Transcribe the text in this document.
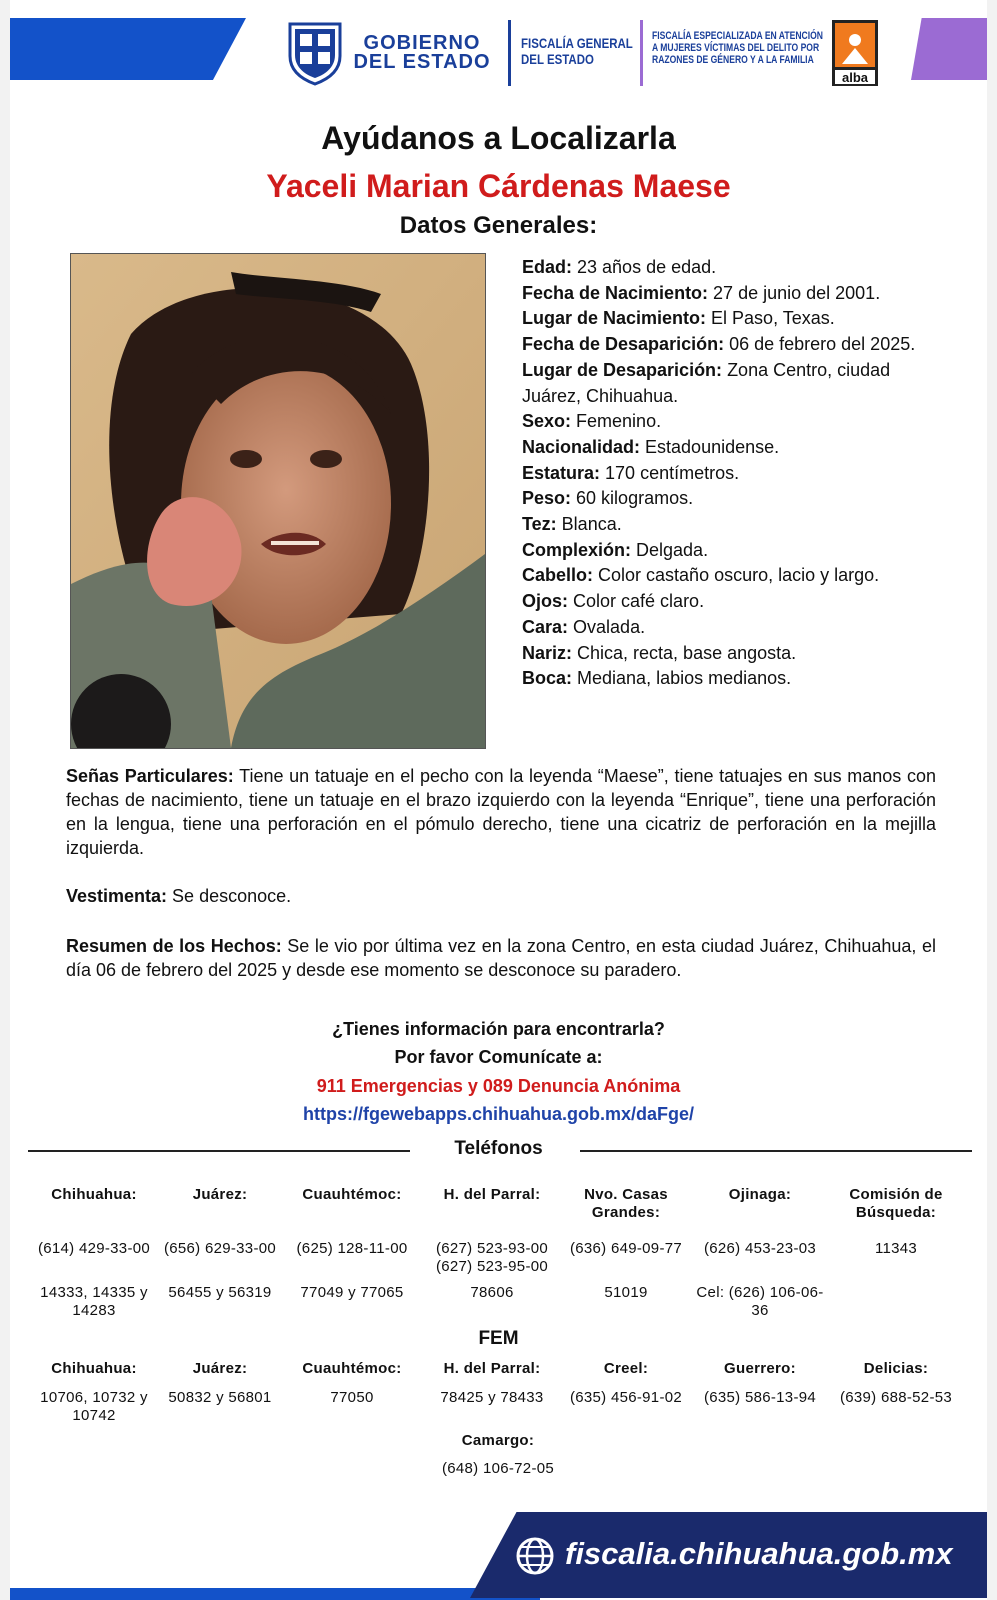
GOBIERNO
DEL ESTADO
FISCALÍA GENERAL
DEL ESTADO
FISCALÍA ESPECIALIZADA EN ATENCIÓN
A MUJERES VÍCTIMAS DEL DELITO POR
RAZONES DE GÉNERO Y A LA FAMILIA
alba
Ayúdanos a Localizarla
Yaceli Marian Cárdenas Maese
Datos Generales:

Edad: 23 años de edad.

Fecha de Nacimiento: 27 de junio del 2001.

Lugar de Nacimiento: El Paso, Texas.

Fecha de Desaparición: 06 de febrero del 2025.

Lugar de Desaparición: Zona Centro, ciudad Juárez, Chihuahua.

Sexo: Femenino.

Nacionalidad: Estadounidense.

Estatura: 170 centímetros.

Peso: 60 kilogramos.

Tez: Blanca.

Complexión: Delgada.

Cabello: Color castaño oscuro, lacio y largo.

Ojos: Color café claro.

Cara: Ovalada.

Nariz: Chica, recta, base angosta.

Boca: Mediana, labios medianos.

Señas Particulares: Tiene un tatuaje en el pecho con la leyenda “Maese”, tiene tatuajes en sus manos con fechas de nacimiento, tiene un tatuaje en el brazo izquierdo con la leyenda “Enrique”, tiene una perforación en la lengua, tiene una perforación en el pómulo derecho, tiene una cicatriz de perforación en la mejilla izquierda.
Vestimenta: Se desconoce.
Resumen de los Hechos: Se le vio por última vez en la zona Centro, en esta ciudad Juárez, Chihuahua, el día 06 de febrero del 2025 y desde ese momento se desconoce su paradero.
¿Tienes información para encontrarla?
Por favor Comunícate a:
911 Emergencias y 089 Denuncia Anónima
https://fgewebapps.chihuahua.gob.mx/daFge/
Teléfonos
Chihuahua:
(614) 429-33-00
14333, 14335 y 14283
Juárez:
(656) 629-33-00
56455 y 56319
Cuauhtémoc:
(625) 128-11-00
77049 y 77065
H. del Parral:
(627) 523-93-00 (627) 523-95-00
78606
Nvo. Casas Grandes:
(636) 649-09-77
51019
Ojinaga:
(626) 453-23-03
Cel: (626) 106-06-36
Comisión de Búsqueda:
11343
FEM
Chihuahua:
10706, 10732 y 10742
Juárez:
50832 y 56801
Cuauhtémoc:
77050
H. del Parral:
78425 y 78433
Creel:
(635) 456-91-02
Guerrero:
(635) 586-13-94
Delicias:
(639) 688-52-53
Camargo:
(648) 106-72-05
fiscalia.chihuahua.gob.mx
